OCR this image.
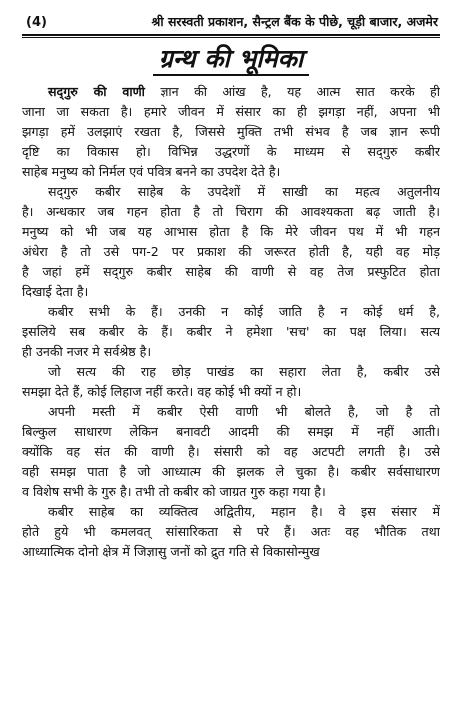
(4)	श्री सरस्वती प्रकाशन, सैन्ट्रल बैंक के पीछे, चूड़ी बाजार, अजमेर
ग्रन्थ की भूमिका
सद्‌गुरु की वाणी ज्ञान की आंख है, यह आत्म सात करके ही
जाना जा सकता है। हमारे जीवन में संसार का ही झगड़ा नहीं, अपना भी
झगड़ा हमें उलझाएं रखता है, जिससे मुक्ति तभी संभव है जब ज्ञान रूपी
दृष्टि का विकास हो। विभिन्न उद्धरणों के माध्यम से सद्‌गुरु कबीर
साहेब मनुष्य को निर्मल एवं पवित्र बनने का उपदेश देते है।
सद्‌गुरु कबीर साहेब के उपदेशों में साखी का महत्व अतुलनीय
है। अन्धकार जब गहन होता है तो चिराग की आवश्यकता बढ़ जाती है।
मनुष्य को भी जब यह आभास होता है कि मेरे जीवन पथ में भी गहन
अंधेरा है तो उसे पग-2 पर प्रकाश की जरूरत होती है, यही वह मोड़
है जहां हमें सद्‌गुरु कबीर साहेब की वाणी से वह तेज प्रस्फुटित होता
दिखाई देता है।
कबीर सभी के हैं। उनकी न कोई जाति है न कोई धर्म है,
इसलिये सब कबीर के हैं। कबीर ने हमेशा 'सच' का पक्ष लिया। सत्य
ही उनकी नजर मे सर्वश्रेष्ठ है।
जो सत्य की राह छोड़ पाखंड का सहारा लेता है, कबीर उसे
समझा देते हैं, कोई लिहाज नहीं करते। वह कोई भी क्यों न हो।
अपनी मस्ती में कबीर ऐसी वाणी भी बोलते है, जो है तो
बिल्कुल साधारण लेकिन बनावटी आदमी की समझ में नहीं आती।
क्योंकि वह संत की वाणी है। संसारी को वह अटपटी लगती है। उसे
वही समझ पाता है जो आध्यात्म की झलक ले चुका है। कबीर सर्वसाधारण
व विशेष सभी के गुरु है। तभी तो कबीर को जाग्रत गुरु कहा गया है।
कबीर साहेब का व्यक्तित्व अद्वितीय, महान है। वे इस संसार में
होते हुये भी कमलवत्‌ सांसारिकता से परे हैं। अतः वह भौतिक तथा
आध्यात्मिक दोनो क्षेत्र में जिज्ञासु जनों को द्रुत गति से विकासोन्मुख
